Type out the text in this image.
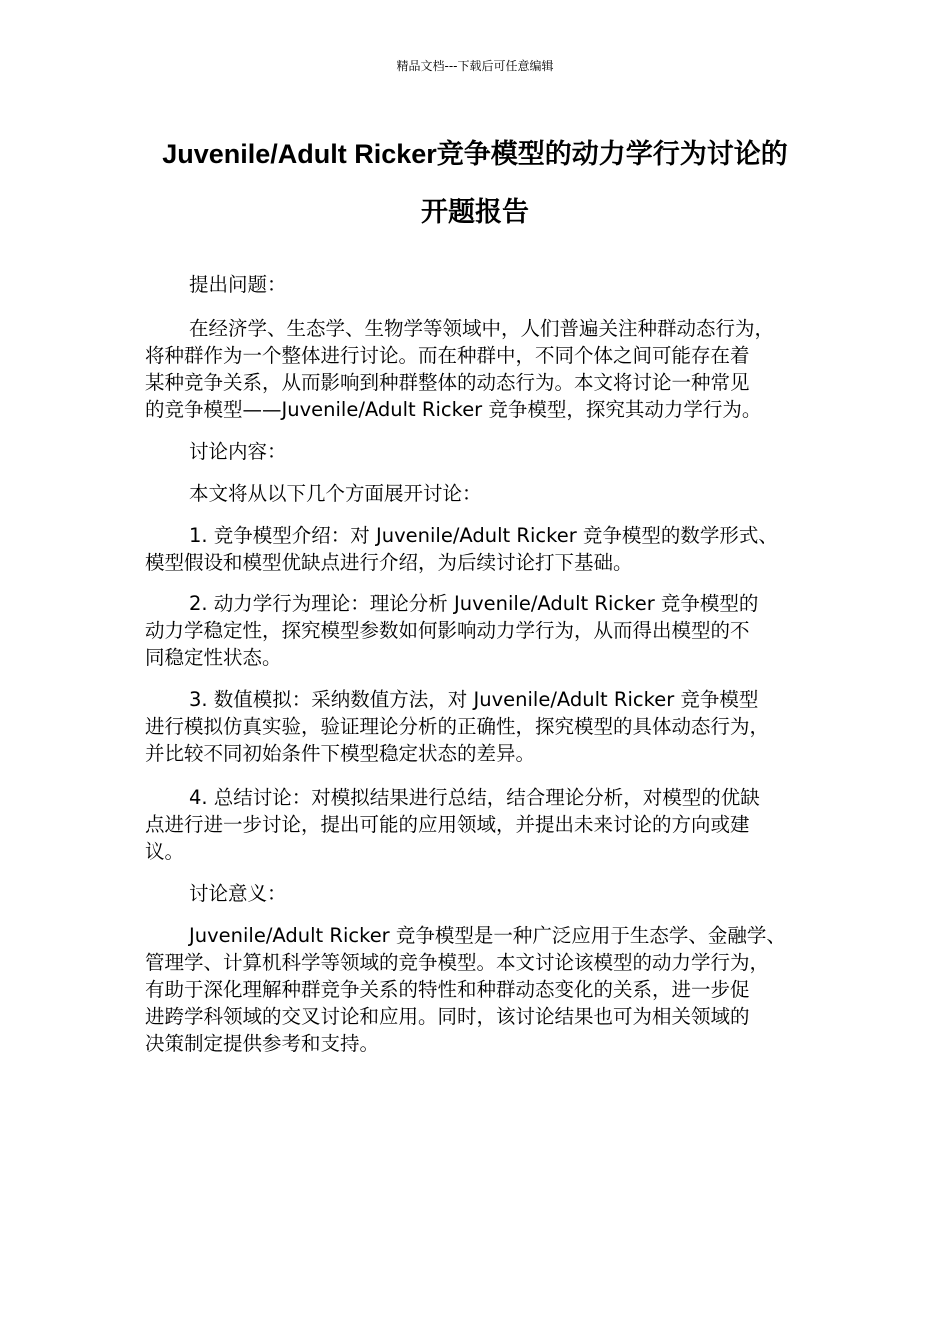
精品文档---下载后可任意编辑
Juvenile/Adult Ricker竞争模型的动力学行为讨论的
开题报告
提出问题：
在经济学、生态学、生物学等领域中，人们普遍关注种群动态行为，
将种群作为一个整体进行讨论。而在种群中，不同个体之间可能存在着
某种竞争关系，从而影响到种群整体的动态行为。本文将讨论一种常见
的竞争模型——Juvenile/Adult Ricker 竞争模型，探究其动力学行为。
讨论内容：
本文将从以下几个方面展开讨论：
1. 竞争模型介绍：对 Juvenile/Adult Ricker 竞争模型的数学形式、
模型假设和模型优缺点进行介绍，为后续讨论打下基础。
2. 动力学行为理论：理论分析 Juvenile/Adult Ricker 竞争模型的
动力学稳定性，探究模型参数如何影响动力学行为，从而得出模型的不
同稳定性状态。
3. 数值模拟：采纳数值方法，对 Juvenile/Adult Ricker 竞争模型
进行模拟仿真实验，验证理论分析的正确性，探究模型的具体动态行为，
并比较不同初始条件下模型稳定状态的差异。
4. 总结讨论：对模拟结果进行总结，结合理论分析，对模型的优缺
点进行进一步讨论，提出可能的应用领域，并提出未来讨论的方向或建
议。
讨论意义：
Juvenile/Adult Ricker 竞争模型是一种广泛应用于生态学、金融学、
管理学、计算机科学等领域的竞争模型。本文讨论该模型的动力学行为，
有助于深化理解种群竞争关系的特性和种群动态变化的关系，进一步促
进跨学科领域的交叉讨论和应用。同时，该讨论结果也可为相关领域的
决策制定提供参考和支持。
